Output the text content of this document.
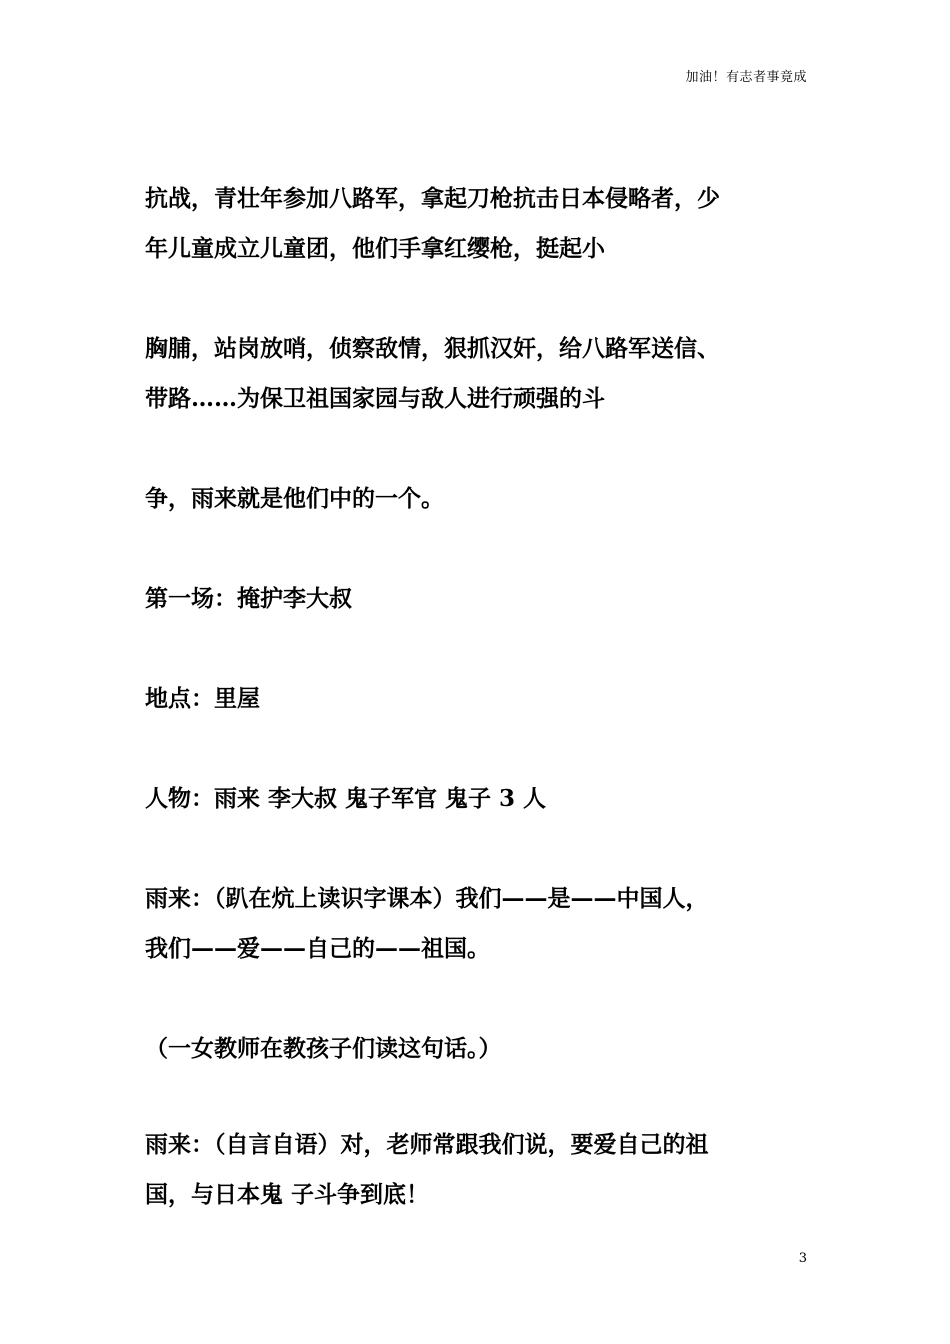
加油！有志者事竟成
抗战，青壮年参加八路军，拿起刀枪抗击日本侵略者，少
年儿童成立儿童团，他们手拿红缨枪，挺起小
胸脯，站岗放哨，侦察敌情，狠抓汉奸，给八路军送信、
带路……为保卫祖国家园与敌人进行顽强的斗
争，雨来就是他们中的一个。
第一场：掩护李大叔
地点：里屋
人物：雨来 李大叔 鬼子军官 鬼子 3 人
雨来：（趴在炕上读识字课本）我们——是——中国人，
我们——爱——自己的——祖国。
（一女教师在教孩子们读这句话。）
雨来：（自言自语）对，老师常跟我们说，要爱自己的祖
国，与日本鬼 子斗争到底！
3
